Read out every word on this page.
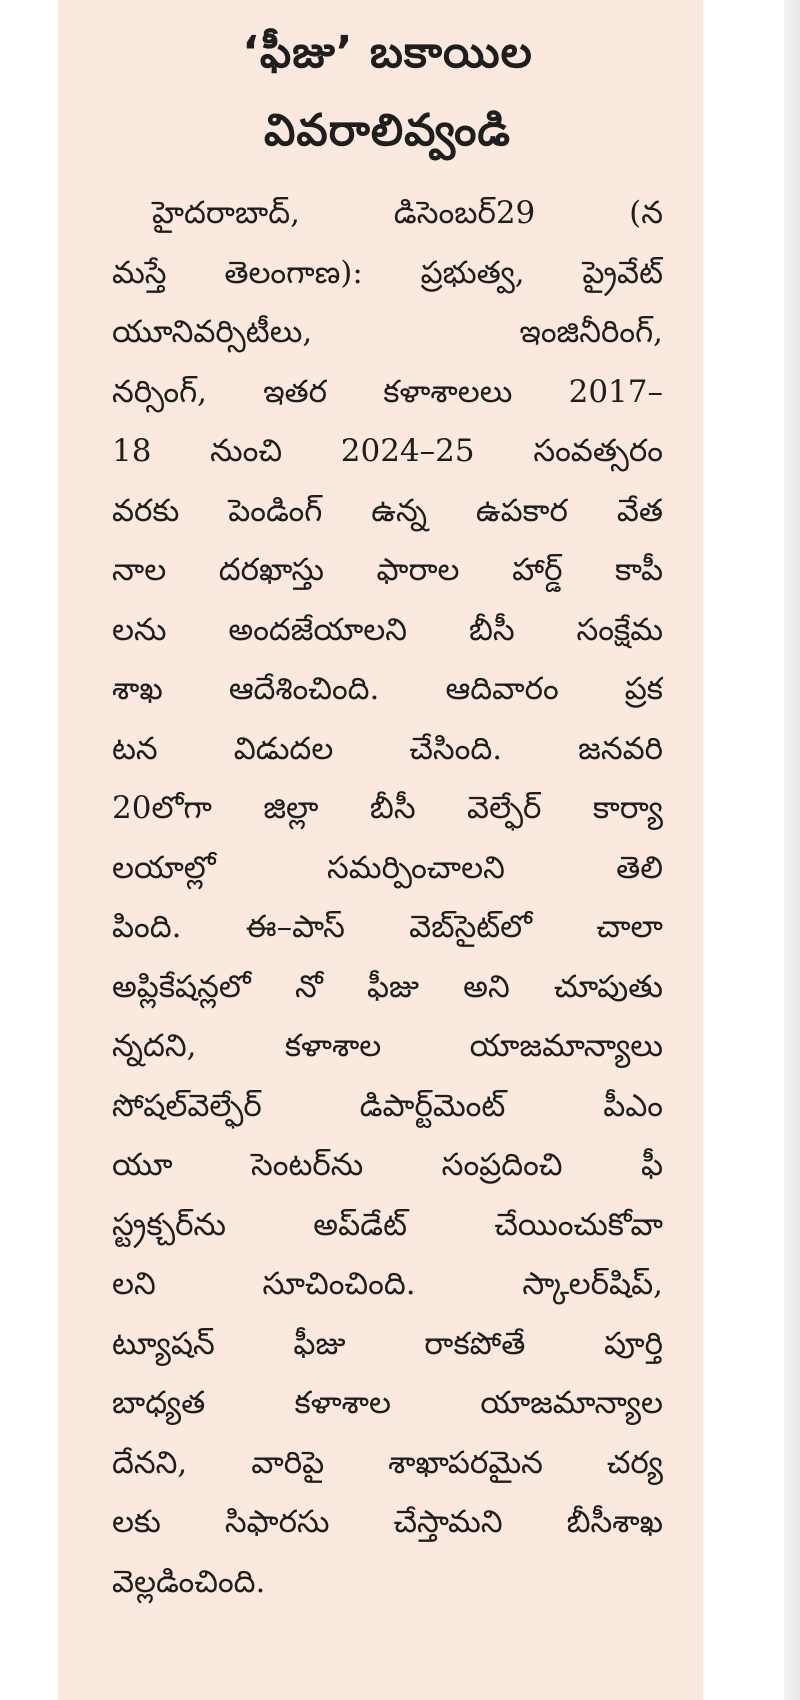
‘ఫీజు’ బకాయిల
వివరాలివ్వండి
హైదరాబాద్, డిసెంబర్29 (న
మస్తే తెలంగాణ): ప్రభుత్వ, ప్రైవేట్
యూనివర్సిటీలు, ఇంజినీరింగ్,
నర్సింగ్, ఇతర కళాశాలలు 2017–
18 నుంచి 2024–25 సంవత్సరం
వరకు పెండింగ్ ఉన్న ఉపకార వేత
నాల దరఖాస్తు ఫారాల హార్డ్ కాపీ
లను అందజేయాలని బీసీ సంక్షేమ
శాఖ ఆదేశించింది. ఆదివారం ప్రక
టన విడుదల చేసింది. జనవరి
20లోగా జిల్లా బీసీ వెల్ఫేర్ కార్యా
లయాల్లో సమర్పించాలని తెలి
పింది. ఈ–పాస్ వెబ్‌సైట్‌లో చాలా
అప్లికేషన్లలో నో ఫీజు అని చూపుతు
న్నదని, కళాశాల యాజమాన్యాలు
సోషల్‌వెల్ఫేర్ డిపార్ట్‌మెంట్ పీఎం
యూ సెంటర్‌ను సంప్రదించి ఫీ
స్ట్రక్చర్‌ను అప్‌డేట్ చేయించుకోవా
లని సూచించింది. స్కాలర్‌షిప్,
ట్యూషన్ ఫీజు రాకపోతే పూర్తి
బాధ్యత కళాశాల యాజమాన్యాల
దేనని, వారిపై శాఖాపరమైన చర్య
లకు సిఫారసు చేస్తామని బీసీశాఖ
వెల్లడించింది.
